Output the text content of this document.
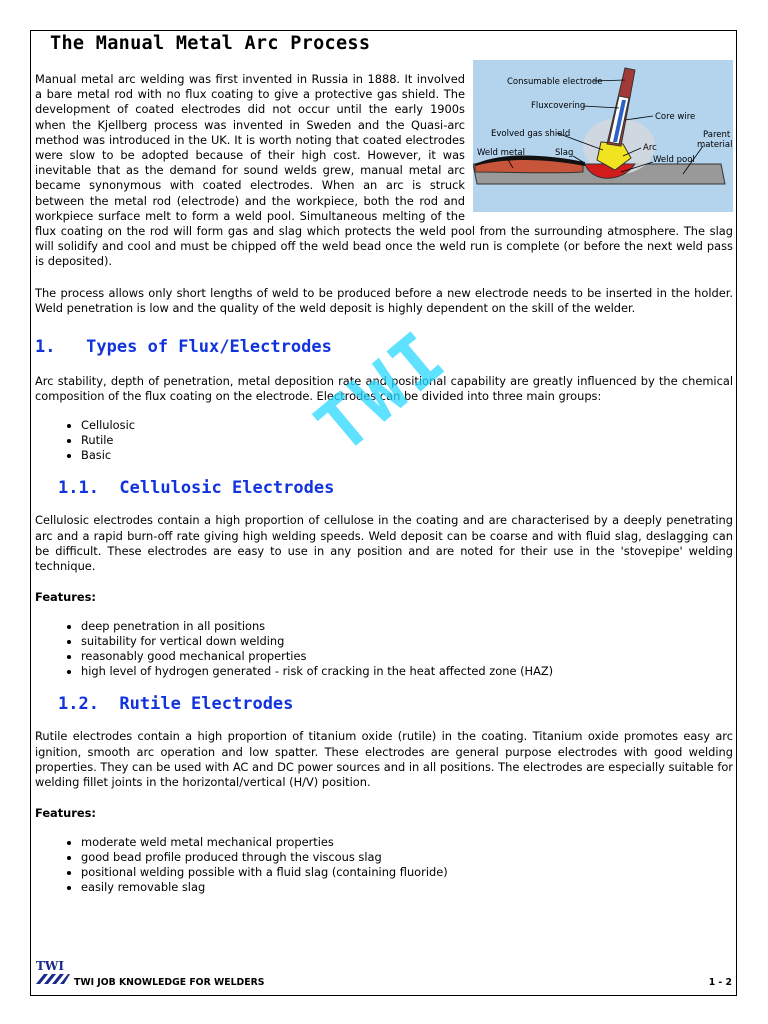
The Manual Metal Arc Process
Consumable electrode
Fluxcovering
Core wire
Evolved gas shield
Weld metal	Slag	Arc
Weld pool
Parent
material

Manual metal arc welding was first invented in Russia in 1888. It involved a bare metal rod with no flux coating to give a protective gas shield. The development of coated electrodes did not occur until the early 1900s when the Kjellberg process was invented in Sweden and the Quasi-arc method was introduced in the UK. It is worth noting that coated electrodes were slow to be adopted because of their high cost. However, it was inevitable that as the demand for sound welds grew, manual metal arc became synonymous with coated electrodes. When an arc is struck between the metal rod (electrode) and the workpiece, both the rod and workpiece surface melt to form a weld pool. Simultaneous melting of the flux coating on the rod will form gas and slag which protects the weld pool from the surrounding atmosphere. The slag will solidify and cool and must be chipped off the weld bead once the weld run is complete (or before the next weld pass is deposited).

The process allows only short lengths of weld to be produced before a new electrode needs to be inserted in the holder. Weld penetration is low and the quality of the weld deposit is highly dependent on the skill of the welder.

1.   Types of Flux/Electrodes

Arc stability, depth of penetration, metal deposition rate and positional capability are greatly influenced by the chemical composition of the flux coating on the electrode. Electrodes can be divided into three main groups:

• Cellulosic
• Rutile
• Basic
1.1.  Cellulosic Electrodes

Cellulosic electrodes contain a high proportion of cellulose in the coating and are characterised by a deeply penetrating arc and a rapid burn-off rate giving high welding speeds. Weld deposit can be coarse and with fluid slag, deslagging can be difficult. These electrodes are easy to use in any position and are noted for their use in the 'stovepipe' welding technique.

Features:
• deep penetration in all positions
• suitability for vertical down welding
• reasonably good mechanical properties
• high level of hydrogen generated - risk of cracking in the heat affected zone (HAZ)
1.2.  Rutile Electrodes

Rutile electrodes contain a high proportion of titanium oxide (rutile) in the coating. Titanium oxide promotes easy arc ignition, smooth arc operation and low spatter. These electrodes are general purpose electrodes with good welding properties. They can be used with AC and DC power sources and in all positions. The electrodes are especially suitable for welding fillet joints in the horizontal/vertical (H/V) position.

Features:
• moderate weld metal mechanical properties
• good bead profile produced through the viscous slag
• positional welding possible with a fluid slag (containing fluoride)
• easily removable slag
TWI
TWI
TWI JOB KNOWLEDGE FOR WELDERS	1 - 2
